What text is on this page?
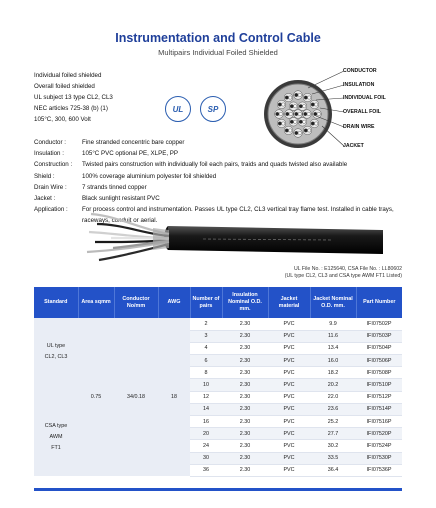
Instrumentation and Control Cable
Multipairs Individual Foiled Shielded
Individual foiled shielded
Overall foiled shielded
UL subject 13 type CL2, CL3
NEC articles 725-38 (b) (1)
105°C, 300, 600 Volt
UL	SP
CONDUCTOR
INSULATION
INDIVIDUAL FOIL
OVERALL FOIL
DRAIN WIRE
JACKET
Conductor :	Fine stranded concentric bare copper
Insulation :	105°C PVC optional PE, XLPE, PP
Construction :	Twisted pairs construction with individually foil each pairs, traids and quads twisted also available
Shield :	100% coverage aluminium polyester foil shielded
Drain Wire :	7 strands tinned copper
Jacket :	Black sunlight resistant PVC
Application :	For process control and instrumentation. Passes UL type CL2, CL3 vertical tray flame test. Installed in cable trays, raceways, conduit or aerial.
UL File No. : E125640, CSA File No. : LL80602
(UL type CL2, CL3 and CSA type AWM FT1 Listed)
Standard	Area sqmm	Conductor No/mm	AWG	Number of pairs	Insulation Nominal O.D. mm.	Jacket material	Jacket Nominal O.D. mm.	Part Number

UL type
CL2, CL3
CSA type
AWM
FT1	0.75	34/0.18	18	2	2.30	PVC	9.9	IFI07502P
				3	2.30	PVC	11.6	IFI07503P
				4	2.30	PVC	13.4	IFI07504P
				6	2.30	PVC	16.0	IFI07506P
				8	2.30	PVC	18.2	IFI07508P
				10	2.30	PVC	20.2	IFI07510P
				12	2.30	PVC	22.0	IFI07512P
				14	2.30	PVC	23.6	IFI07514P
				16	2.30	PVC	25.2	IFI07516P
				20	2.30	PVC	27.7	IFI07520P
				24	2.30	PVC	30.2	IFI07524P
				30	2.30	PVC	33.5	IFI07530P
				36	2.30	PVC	36.4	IFI07536P
